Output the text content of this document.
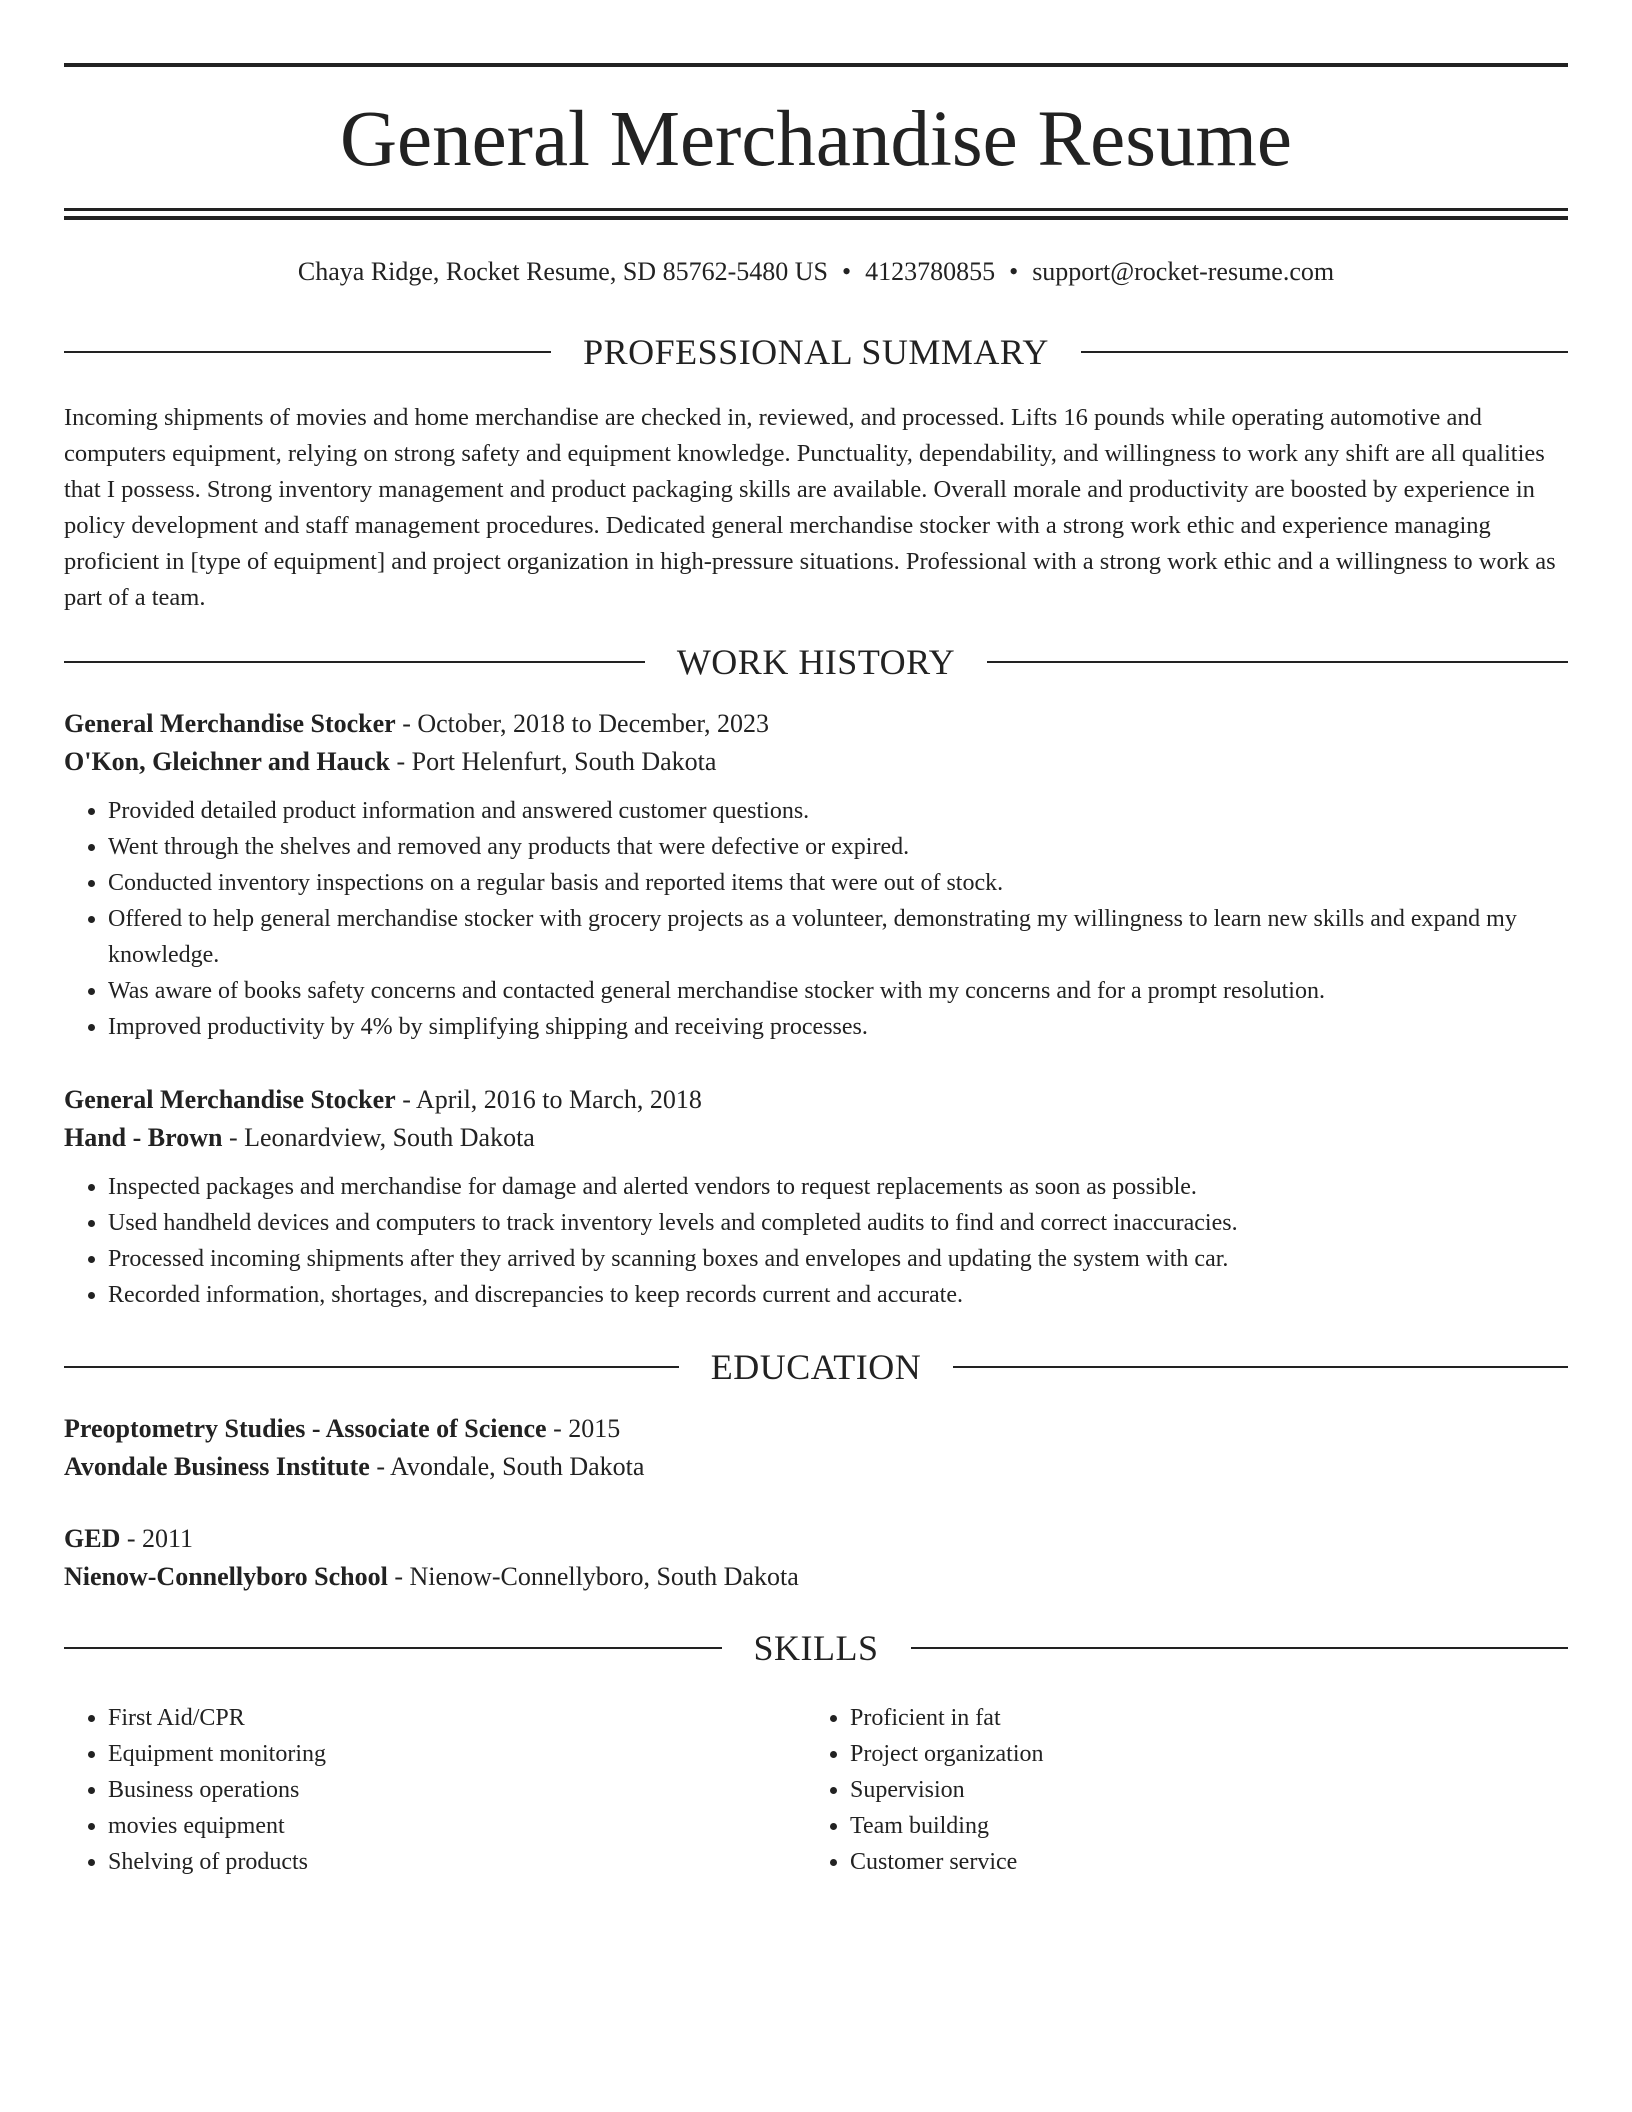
General Merchandise Resume
Chaya Ridge, Rocket Resume, SD 85762-5480 US • 4123780855 • support@rocket-resume.com
PROFESSIONAL SUMMARY

Incoming shipments of movies and home merchandise are checked in, reviewed, and processed. Lifts 16 pounds while operating automotive and computers equipment, relying on strong safety and equipment knowledge. Punctuality, dependability, and willingness to work any shift are all qualities that I possess. Strong inventory management and product packaging skills are available. Overall morale and productivity are boosted by experience in policy development and staff management procedures. Dedicated general merchandise stocker with a strong work ethic and experience managing proficient in [type of equipment] and project organization in high-pressure situations. Professional with a strong work ethic and a willingness to work as part of a team.

WORK HISTORY

General Merchandise Stocker - October, 2018 to December, 2023

O'Kon, Gleichner and Hauck - Port Helenfurt, South Dakota

• Provided detailed product information and answered customer questions.
• Went through the shelves and removed any products that were defective or expired.
• Conducted inventory inspections on a regular basis and reported items that were out of stock.
• Offered to help general merchandise stocker with grocery projects as a volunteer, demonstrating my willingness to learn new skills and expand my knowledge.
• Was aware of books safety concerns and contacted general merchandise stocker with my concerns and for a prompt resolution.
• Improved productivity by 4% by simplifying shipping and receiving processes.

General Merchandise Stocker - April, 2016 to March, 2018

Hand - Brown - Leonardview, South Dakota

• Inspected packages and merchandise for damage and alerted vendors to request replacements as soon as possible.
• Used handheld devices and computers to track inventory levels and completed audits to find and correct inaccuracies.
• Processed incoming shipments after they arrived by scanning boxes and envelopes and updating the system with car.
• Recorded information, shortages, and discrepancies to keep records current and accurate.
EDUCATION

Preoptometry Studies - Associate of Science - 2015

Avondale Business Institute - Avondale, South Dakota

GED - 2011

Nienow-Connellyboro School - Nienow-Connellyboro, South Dakota

SKILLS
• First Aid/CPR
• Equipment monitoring
• Business operations
• movies equipment
• Shelving of products
• Proficient in fat
• Project organization
• Supervision
• Team building
• Customer service
